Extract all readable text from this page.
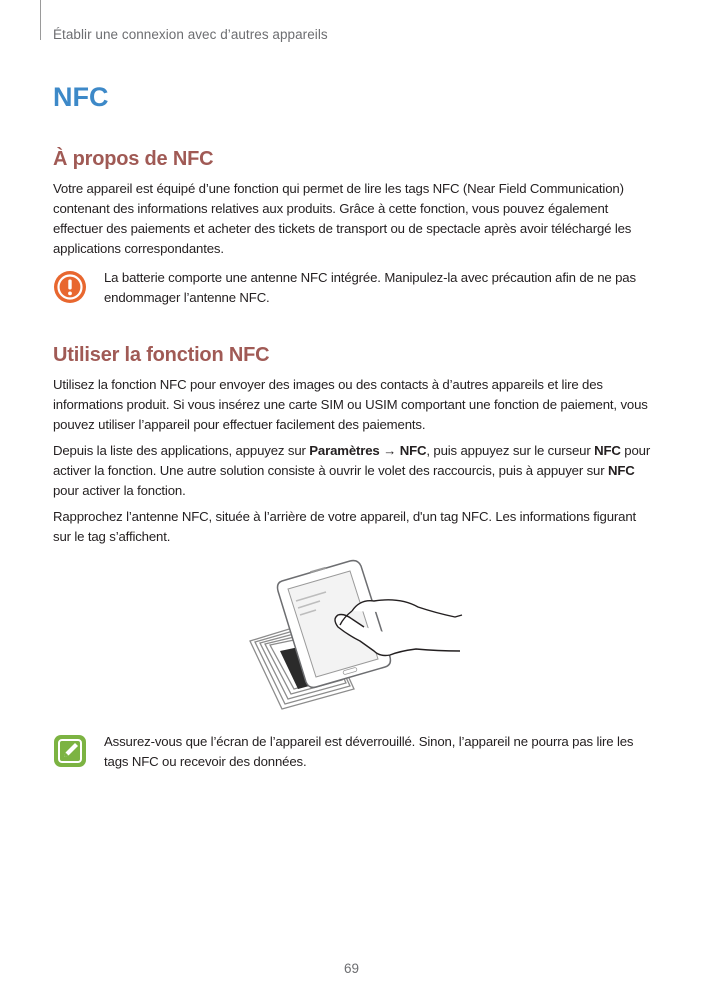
Établir une connexion avec d’autres appareils
NFC
À propos de NFC

Votre appareil est équipé d’une fonction qui permet de lire les tags NFC (Near Field Communication) contenant des informations relatives aux produits. Grâce à cette fonction, vous pouvez également effectuer des paiements et acheter des tickets de transport ou de spectacle après avoir téléchargé les applications correspondantes.

La batterie comporte une antenne NFC intégrée. Manipulez-la avec précaution afin de ne pas endommager l’antenne NFC.

Utiliser la fonction NFC

Utilisez la fonction NFC pour envoyer des images ou des contacts à d’autres appareils et lire des informations produit. Si vous insérez une carte SIM ou USIM comportant une fonction de paiement, vous pouvez utiliser l’appareil pour effectuer facilement des paiements.

Depuis la liste des applications, appuyez sur Paramètres → NFC, puis appuyez sur le curseur NFC pour activer la fonction. Une autre solution consiste à ouvrir le volet des raccourcis, puis à appuyer sur NFC pour activer la fonction.

Rapprochez l’antenne NFC, située à l’arrière de votre appareil, d'un tag NFC. Les informations figurant sur le tag s’affichent.

Assurez-vous que l’écran de l’appareil est déverrouillé. Sinon, l’appareil ne pourra pas lire les tags NFC ou recevoir des données.

69
